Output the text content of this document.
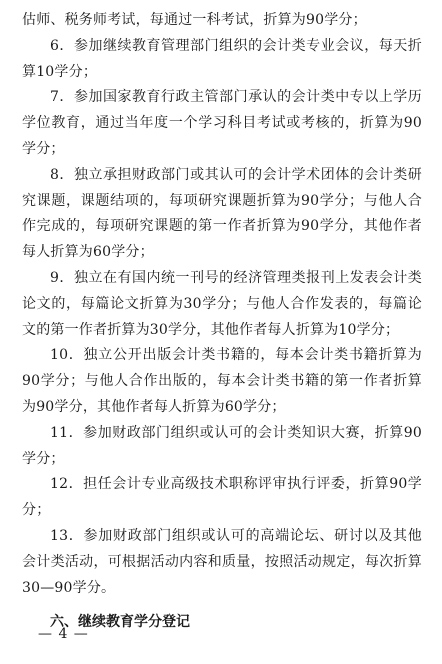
估师、税务师考试，每通过一科考试，折算为90学分；

6．参加继续教育管理部门组织的会计类专业会议，每天折算10学分；

7．参加国家教育行政主管部门承认的会计类中专以上学历学位教育，通过当年度一个学习科目考试或考核的，折算为90学分；

8．独立承担财政部门或其认可的会计学术团体的会计类研究课题，课题结项的，每项研究课题折算为90学分；与他人合作完成的，每项研究课题的第一作者折算为90学分，其他作者每人折算为60学分；

9．独立在有国内统一刊号的经济管理类报刊上发表会计类论文的，每篇论文折算为30学分；与他人合作发表的，每篇论文的第一作者折算为30学分，其他作者每人折算为10学分；

10．独立公开出版会计类书籍的，每本会计类书籍折算为90学分；与他人合作出版的，每本会计类书籍的第一作者折算为90学分，其他作者每人折算为60学分；

11．参加财政部门组织或认可的会计类知识大赛，折算90学分；

12．担任会计专业高级技术职称评审执行评委，折算90学分；

13．参加财政部门组织或认可的高端论坛、研讨以及其他会计类活动，可根据活动内容和质量，按照活动规定，每次折算30—90学分。

六、继续教育学分登记

— 4 —
